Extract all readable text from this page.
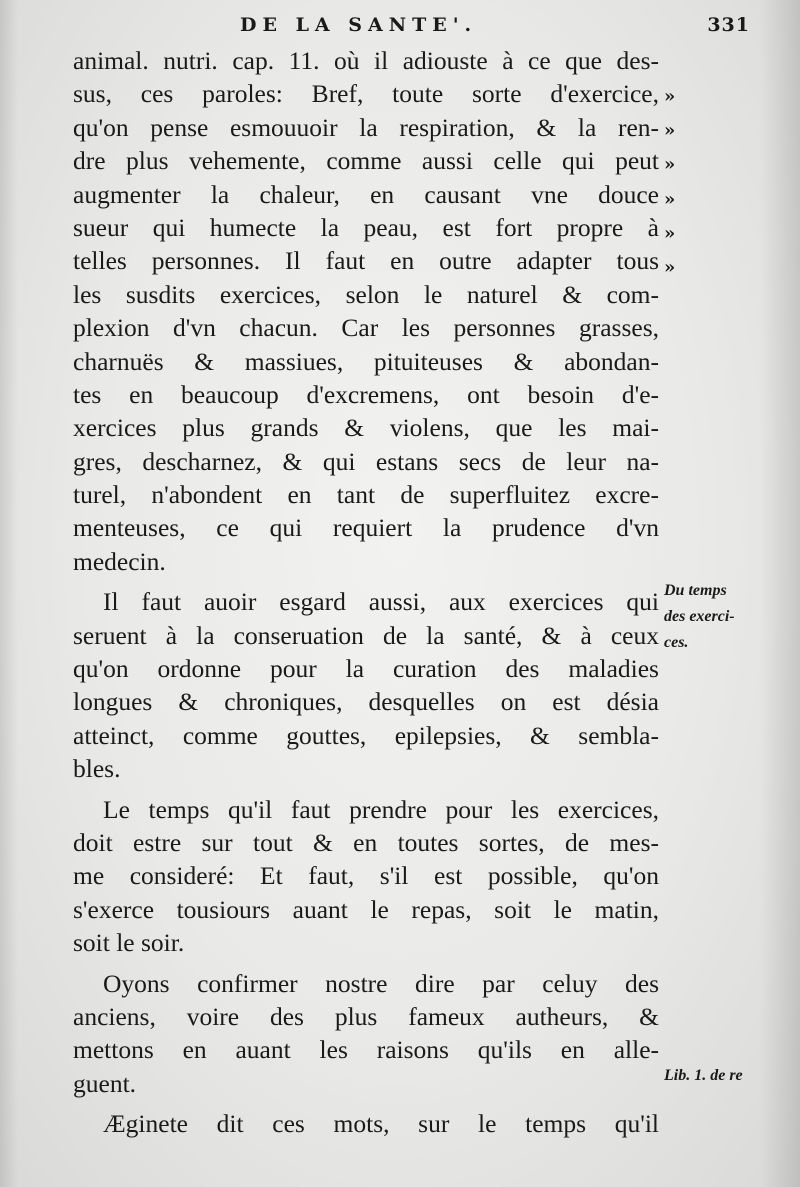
DE LA SANTE'.	331
»
»
»
»
»
»
animal. nutri. cap. 11. où il adiouste à ce que des-
sus, ces paroles: Bref, toute sorte d'exercice,
qu'on pense esmouuoir la respiration, & la ren-
dre plus vehemente, comme aussi celle qui peut
augmenter la chaleur, en causant vne douce
sueur qui humecte la peau, est fort propre à
telles personnes. Il faut en outre adapter tous
les susdits exercices, selon le naturel & com-
plexion d'vn chacun. Car les personnes grasses,
charnuës & massiues, pituiteuses & abondan-
tes en beaucoup d'excremens, ont besoin d'e-
xercices plus grands & violens, que les mai-
gres, descharnez, & qui estans secs de leur na-
turel, n'abondent en tant de superfluitez excre-
menteuses, ce qui requiert la prudence d'vn
medecin.
Il faut auoir esgard aussi, aux exercices qui
seruent à la conseruation de la santé, & à ceux
qu'on ordonne pour la curation des maladies
longues & chroniques, desquelles on est désia
atteinct, comme gouttes, epilepsies, & sembla-
bles.
Le temps qu'il faut prendre pour les exercices,
doit estre sur tout & en toutes sortes, de mes-
me consideré: Et faut, s'il est possible, qu'on
s'exerce tousiours auant le repas, soit le matin,
soit le soir.
Oyons confirmer nostre dire par celuy des
anciens, voire des plus fameux autheurs, &
mettons en auant les raisons qu'ils en alle-
guent.
Æginete dit ces mots, sur le temps qu'il
Du temps
des exerci-
ces.
Lib. 1. de re
